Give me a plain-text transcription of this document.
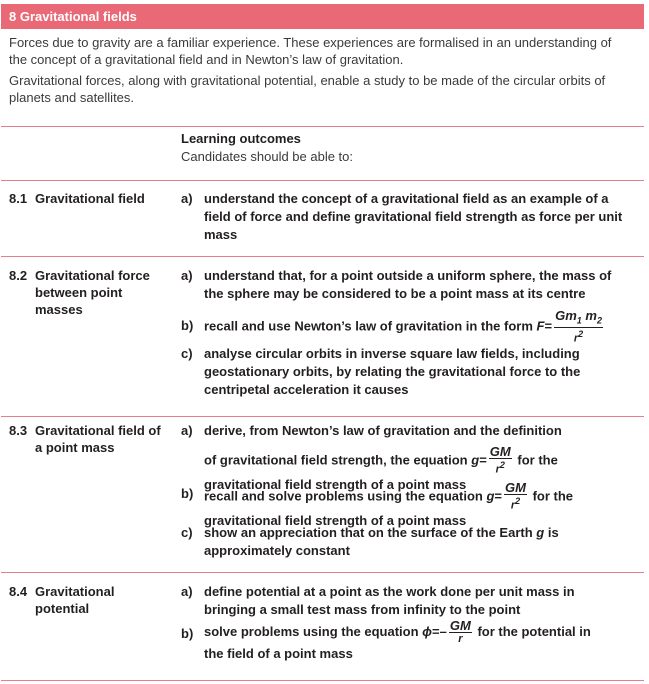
8 Gravitational fields
Forces due to gravity are a familiar experience. These experiences are formalised in an understanding of
the concept of a gravitational field and in Newton’s law of gravitation.
Gravitational forces, along with gravitational potential, enable a study to be made of the circular orbits of
planets and satellites.
Learning outcomes
Candidates should be able to:
8.1 Gravitational field	a) understand the concept of a gravitational field as an example of a
field of force and define gravitational field strength as force per unit
mass
8.2 Gravitational force
between point
masses
a) understand that, for a point outside a uniform sphere, the mass of
the sphere may be considered to be a point mass at its centre
b) recall and use Newton’s law of gravitation in the form $F= \frac{Gm_1 m_2}{r^2}$
c) analyse circular orbits in inverse square law fields, including
geostationary orbits, by relating the gravitational force to the
centripetal acceleration it causes
8.3 Gravitational field of
a point mass
a) derive, from Newton’s law of gravitation and the definition
of gravitational field strength, the equation $g= \frac{GM}{r^2}$ for the
gravitational field strength of a point mass
b) recall and solve problems using the equation $g= \frac{GM}{r^2}$ for the
gravitational field strength of a point mass
c) show an appreciation that on the surface of the Earth g is
approximately constant
8.4 Gravitational
potential
a) define potential at a point as the work done per unit mass in
bringing a small test mass from infinity to the point
b) solve problems using the equation $\phi=- \frac{GM}{r}$ for the potential in
the field of a point mass
